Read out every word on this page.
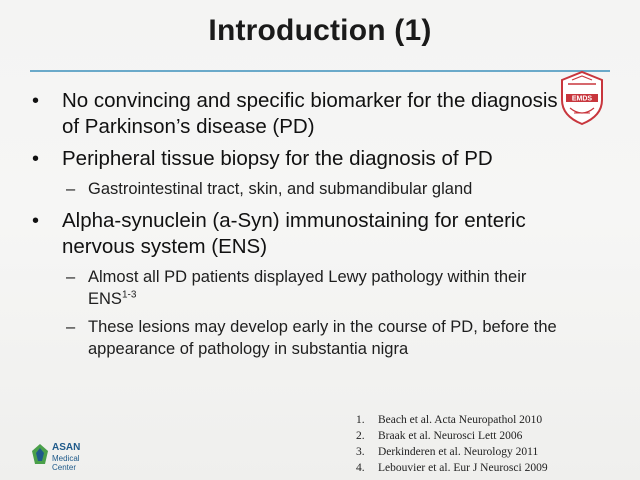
Introduction (1)
EMDS
• No convincing and specific biomarker for the diagnosis of Parkinson’s disease (PD)
• Peripheral tissue biopsy for the diagnosis of PD
– Gastrointestinal tract, skin, and submandibular gland
• Alpha-synuclein (a-Syn) immunostaining for enteric nervous system (ENS)
– Almost all PD patients displayed Lewy pathology within their ENS$^{1-3}$
– These lesions may develop early in the course of PD, before the appearance of pathology in substantia nigra
1. Beach et al. Acta Neuropathol 2010
2. Braak et al. Neurosci Lett 2006
3. Derkinderen et al. Neurology 2011
4. Lebouvier et al. Eur J Neurosci 2009
ASAN
Medical Center
